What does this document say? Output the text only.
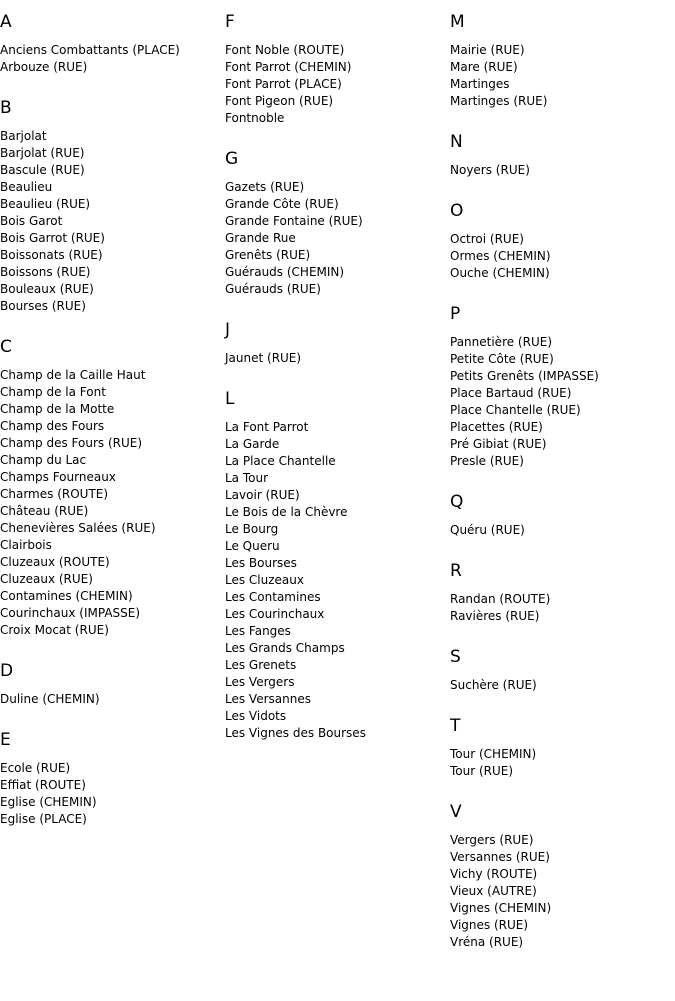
A
Anciens Combattants (PLACE)
Arbouze (RUE)
B
Barjolat
Barjolat (RUE)
Bascule (RUE)
Beaulieu
Beaulieu (RUE)
Bois Garot
Bois Garrot (RUE)
Boissonats (RUE)
Boissons (RUE)
Bouleaux (RUE)
Bourses (RUE)
C
Champ de la Caille Haut
Champ de la Font
Champ de la Motte
Champ des Fours
Champ des Fours (RUE)
Champ du Lac
Champs Fourneaux
Charmes (ROUTE)
Château (RUE)
Chenevières Salées (RUE)
Clairbois
Cluzeaux (ROUTE)
Cluzeaux (RUE)
Contamines (CHEMIN)
Courinchaux (IMPASSE)
Croix Mocat (RUE)
D
Duline (CHEMIN)
E
Ecole (RUE)
Effiat (ROUTE)
Eglise (CHEMIN)
Eglise (PLACE)
F
Font Noble (ROUTE)
Font Parrot (CHEMIN)
Font Parrot (PLACE)
Font Pigeon (RUE)
Fontnoble
G
Gazets (RUE)
Grande Côte (RUE)
Grande Fontaine (RUE)
Grande Rue
Grenêts (RUE)
Guérauds (CHEMIN)
Guérauds (RUE)
J
Jaunet (RUE)
L
La Font Parrot
La Garde
La Place Chantelle
La Tour
Lavoir (RUE)
Le Bois de la Chèvre
Le Bourg
Le Queru
Les Bourses
Les Cluzeaux
Les Contamines
Les Courinchaux
Les Fanges
Les Grands Champs
Les Grenets
Les Vergers
Les Versannes
Les Vidots
Les Vignes des Bourses
M
Mairie (RUE)
Mare (RUE)
Martinges
Martinges (RUE)
N
Noyers (RUE)
O
Octroi (RUE)
Ormes (CHEMIN)
Ouche (CHEMIN)
P
Pannetière (RUE)
Petite Côte (RUE)
Petits Grenêts (IMPASSE)
Place Bartaud (RUE)
Place Chantelle (RUE)
Placettes (RUE)
Pré Gibiat (RUE)
Presle (RUE)
Q
Quéru (RUE)
R
Randan (ROUTE)
Ravières (RUE)
S
Suchère (RUE)
T
Tour (CHEMIN)
Tour (RUE)
V
Vergers (RUE)
Versannes (RUE)
Vichy (ROUTE)
Vieux (AUTRE)
Vignes (CHEMIN)
Vignes (RUE)
Vréna (RUE)
